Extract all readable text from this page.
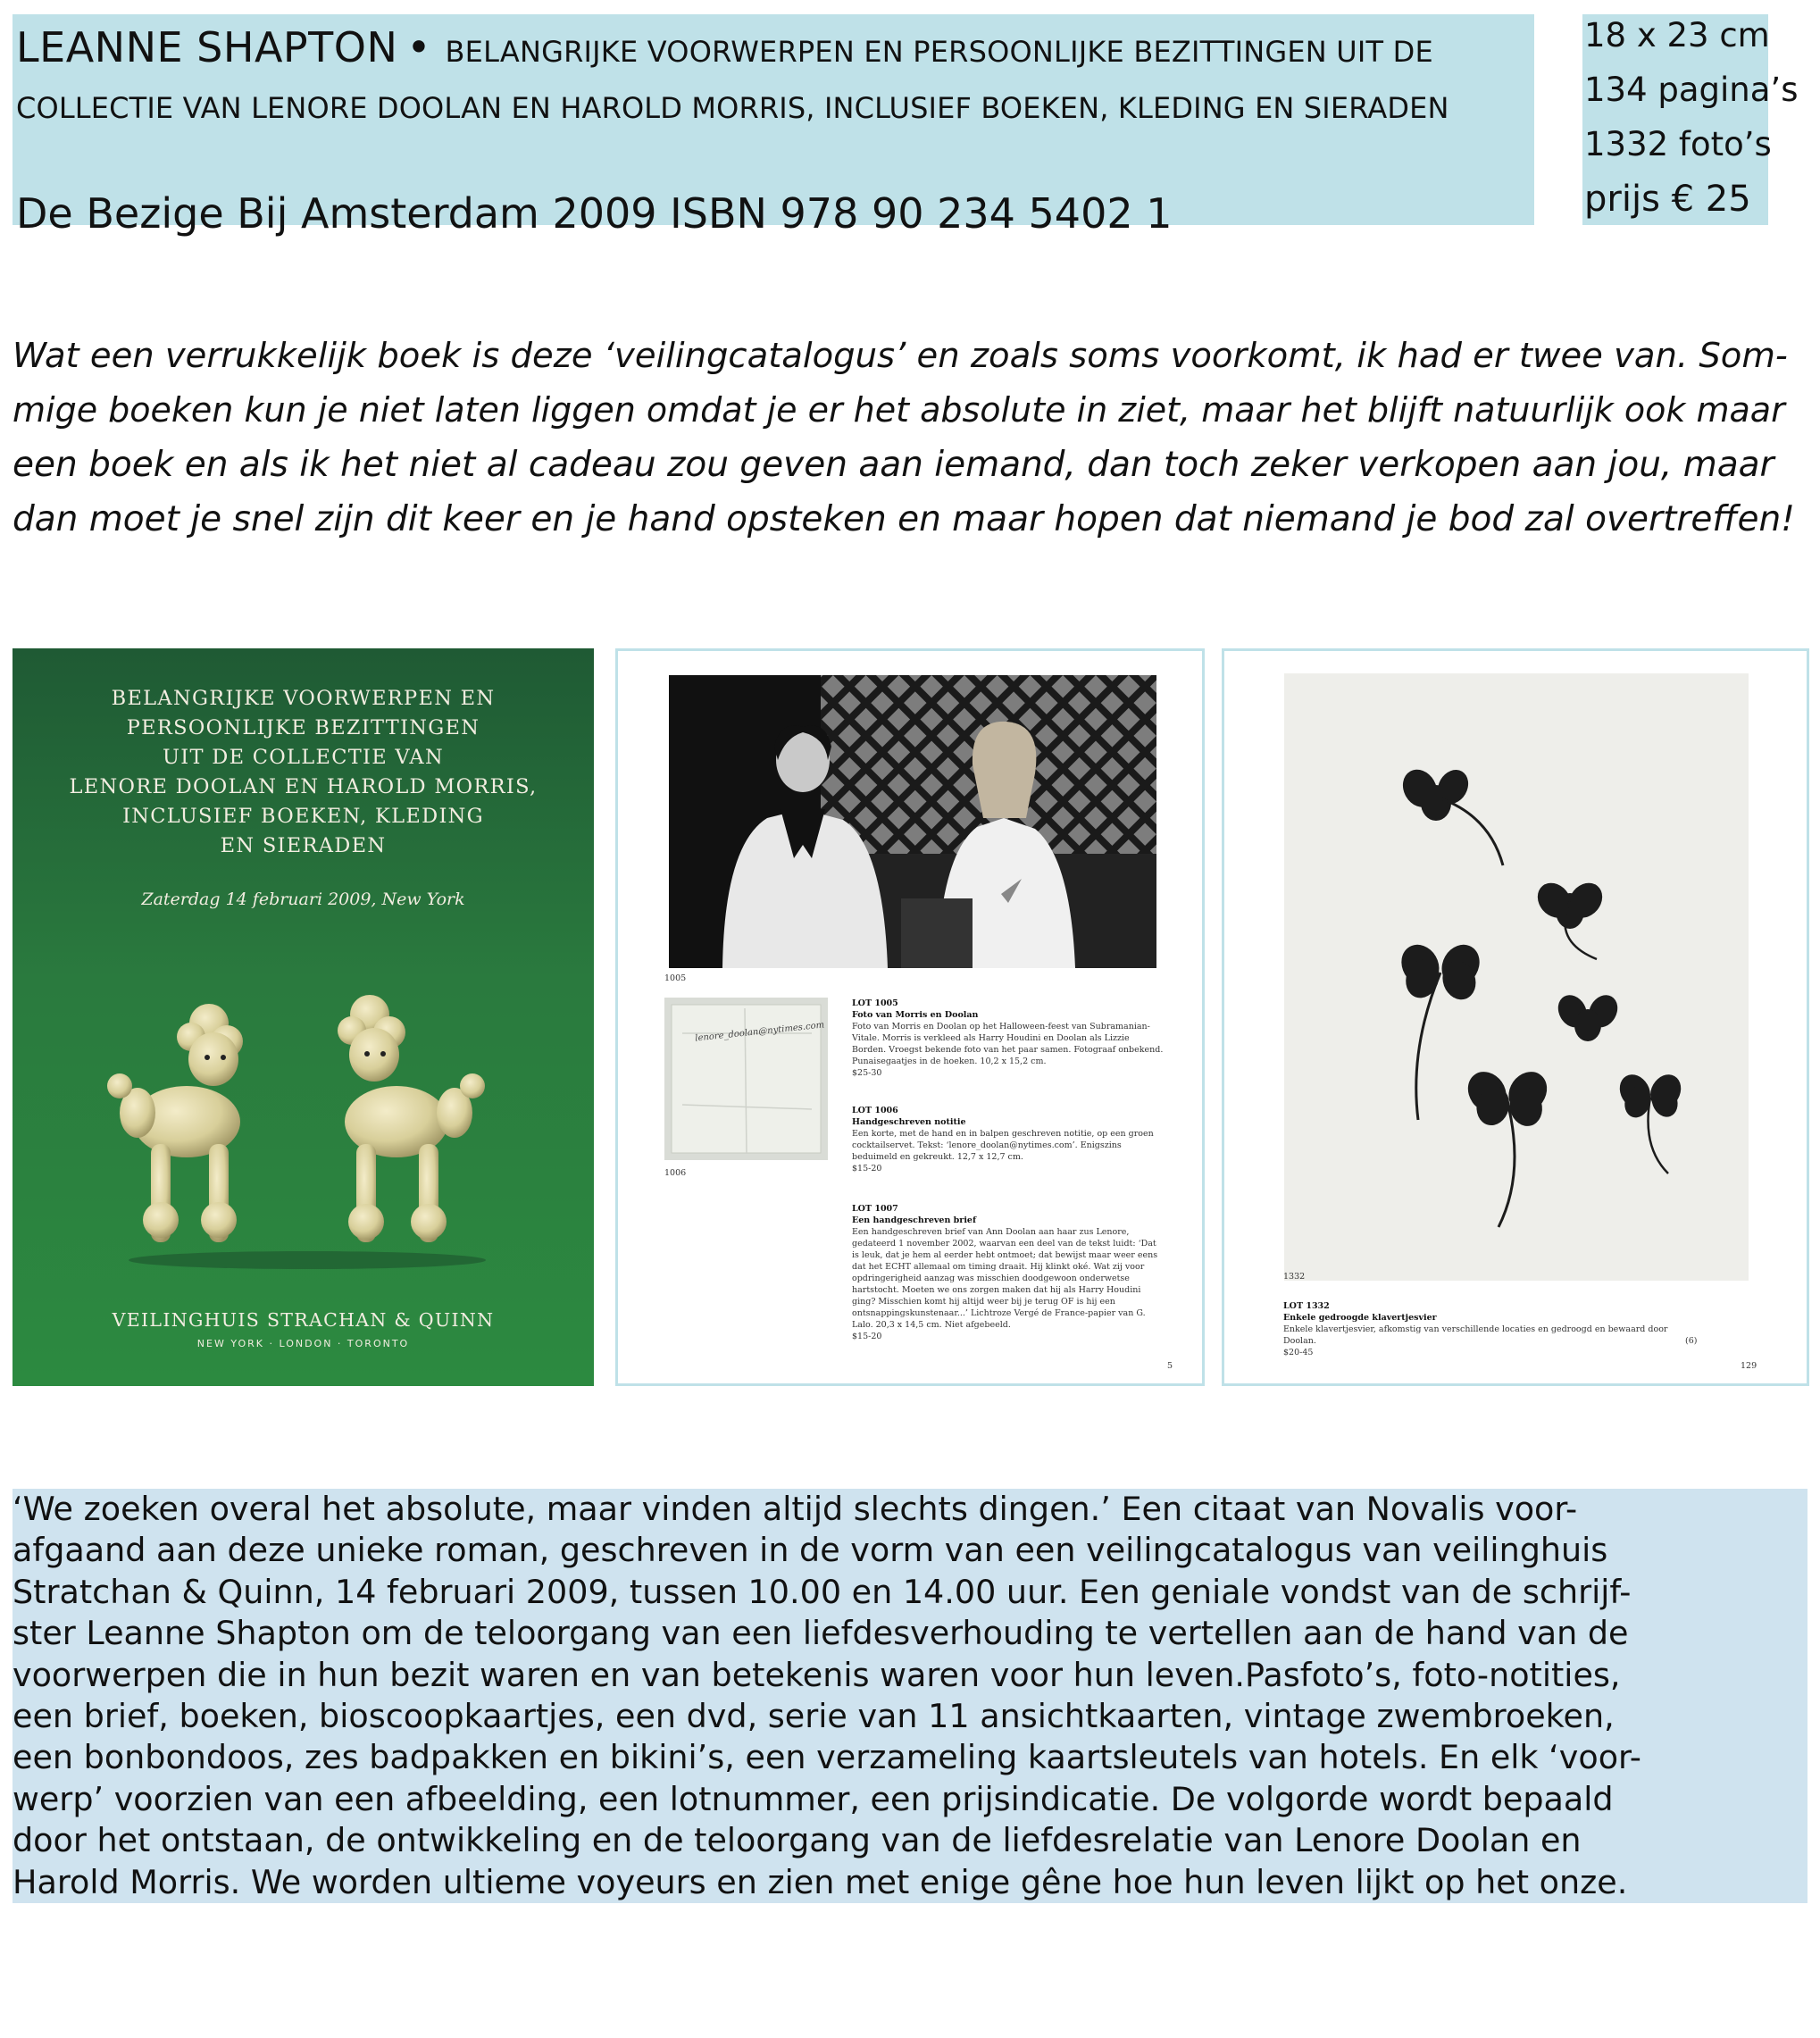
LEANNE SHAPTON • BELANGRIJKE VOORWERPEN EN PERSOONLIJKE BEZITTINGEN UIT DE
COLLECTIE VAN LENORE DOOLAN EN HAROLD MORRIS, INCLUSIEF BOEKEN, KLEDING EN SIERADEN
De Bezige Bij Amsterdam 2009 ISBN 978 90 234 5402 1
18 x 23 cm
134 pagina’s
1332 foto’s
prijs € 25
Wat een verrukkelijk boek is deze ‘veilingcatalogus’ en zoals soms voorkomt, ik had er twee van. Som-
mige boeken kun je niet laten liggen omdat je er het absolute in ziet, maar het blijft natuurlijk ook maar
een boek en als ik het niet al cadeau zou geven aan iemand, dan toch zeker verkopen aan jou, maar
dan moet je snel zijn dit keer en je hand opsteken en maar hopen dat niemand je bod zal overtreffen!
BELANGRIJKE VOORWERPEN EN
PERSOONLIJKE BEZITTINGEN
UIT DE COLLECTIE VAN
LENORE DOOLAN EN HAROLD MORRIS,
INCLUSIEF BOEKEN, KLEDING
EN SIERADEN
Zaterdag 14 februari 2009, New York
VEILINGHUIS STRACHAN & QUINN
NEW YORK · LONDON · TORONTO
1005
lenore_doolan@nytimes.com
1006
LOT 1005
Foto van Morris en Doolan
Foto van Morris en Doolan op het Halloween-feest van Subramanian-Vitale. Morris is verkleed als Harry Houdini en Doolan als Lizzie Borden. Vroegst bekende foto van het paar samen. Fotograaf onbekend. Punaisegaatjes in de hoeken. 10,2 x 15,2 cm.
$25-30
LOT 1006
Handgeschreven notitie
Een korte, met de hand en in balpen geschreven notitie, op een groen cocktailservet. Tekst: ‘lenore_doolan@nytimes.com’. Enigszins beduimeld en gekreukt. 12,7 x 12,7 cm.
$15-20
LOT 1007
Een handgeschreven brief
Een handgeschreven brief van Ann Doolan aan haar zus Lenore, gedateerd 1 november 2002, waarvan een deel van de tekst luidt: ‘Dat is leuk, dat je hem al eerder hebt ontmoet; dat bewijst maar weer eens dat het ECHT allemaal om timing draait. Hij klinkt oké. Wat zij voor opdringerigheid aanzag was misschien doodgewoon onderwetse hartstocht. Moeten we ons zorgen maken dat hij als Harry Houdini ging? Misschien komt hij altijd weer bij je terug OF is hij een ontsnappingskunstenaar...’ Lichtroze Vergé de France-papier van G. Lalo. 20,3 x 14,5 cm. Niet afgebeeld.
$15-20
5
1332
LOT 1332
Enkele gedroogde klavertjesvier
Enkele klavertjesvier, afkomstig van verschillende locaties en gedroogd en bewaard door Doolan.
$20-45
(6)
129
‘We zoeken overal het absolute, maar vinden altijd slechts dingen.’ Een citaat van Novalis voor-
afgaand aan deze unieke roman, geschreven in de vorm van een veilingcatalogus van veilinghuis
Stratchan & Quinn, 14 februari 2009, tussen 10.00 en 14.00 uur. Een geniale vondst van de schrijf-
ster Leanne Shapton om de teloorgang van een liefdesverhouding te vertellen aan de hand van de
voorwerpen die in hun bezit waren en van betekenis waren voor hun leven.Pasfoto’s, foto-notities,
een brief, boeken, bioscoopkaartjes, een dvd, serie van 11 ansichtkaarten, vintage zwembroeken,
een bonbondoos, zes badpakken en bikini’s, een verzameling kaartsleutels van hotels. En elk ‘voor-
werp’ voorzien van een afbeelding, een lotnummer, een prijsindicatie. De volgorde wordt bepaald
door het ontstaan, de ontwikkeling en de teloorgang van de liefdesrelatie van Lenore Doolan en
Harold Morris. We worden ultieme voyeurs en zien met enige gêne hoe hun leven lijkt op het onze.
